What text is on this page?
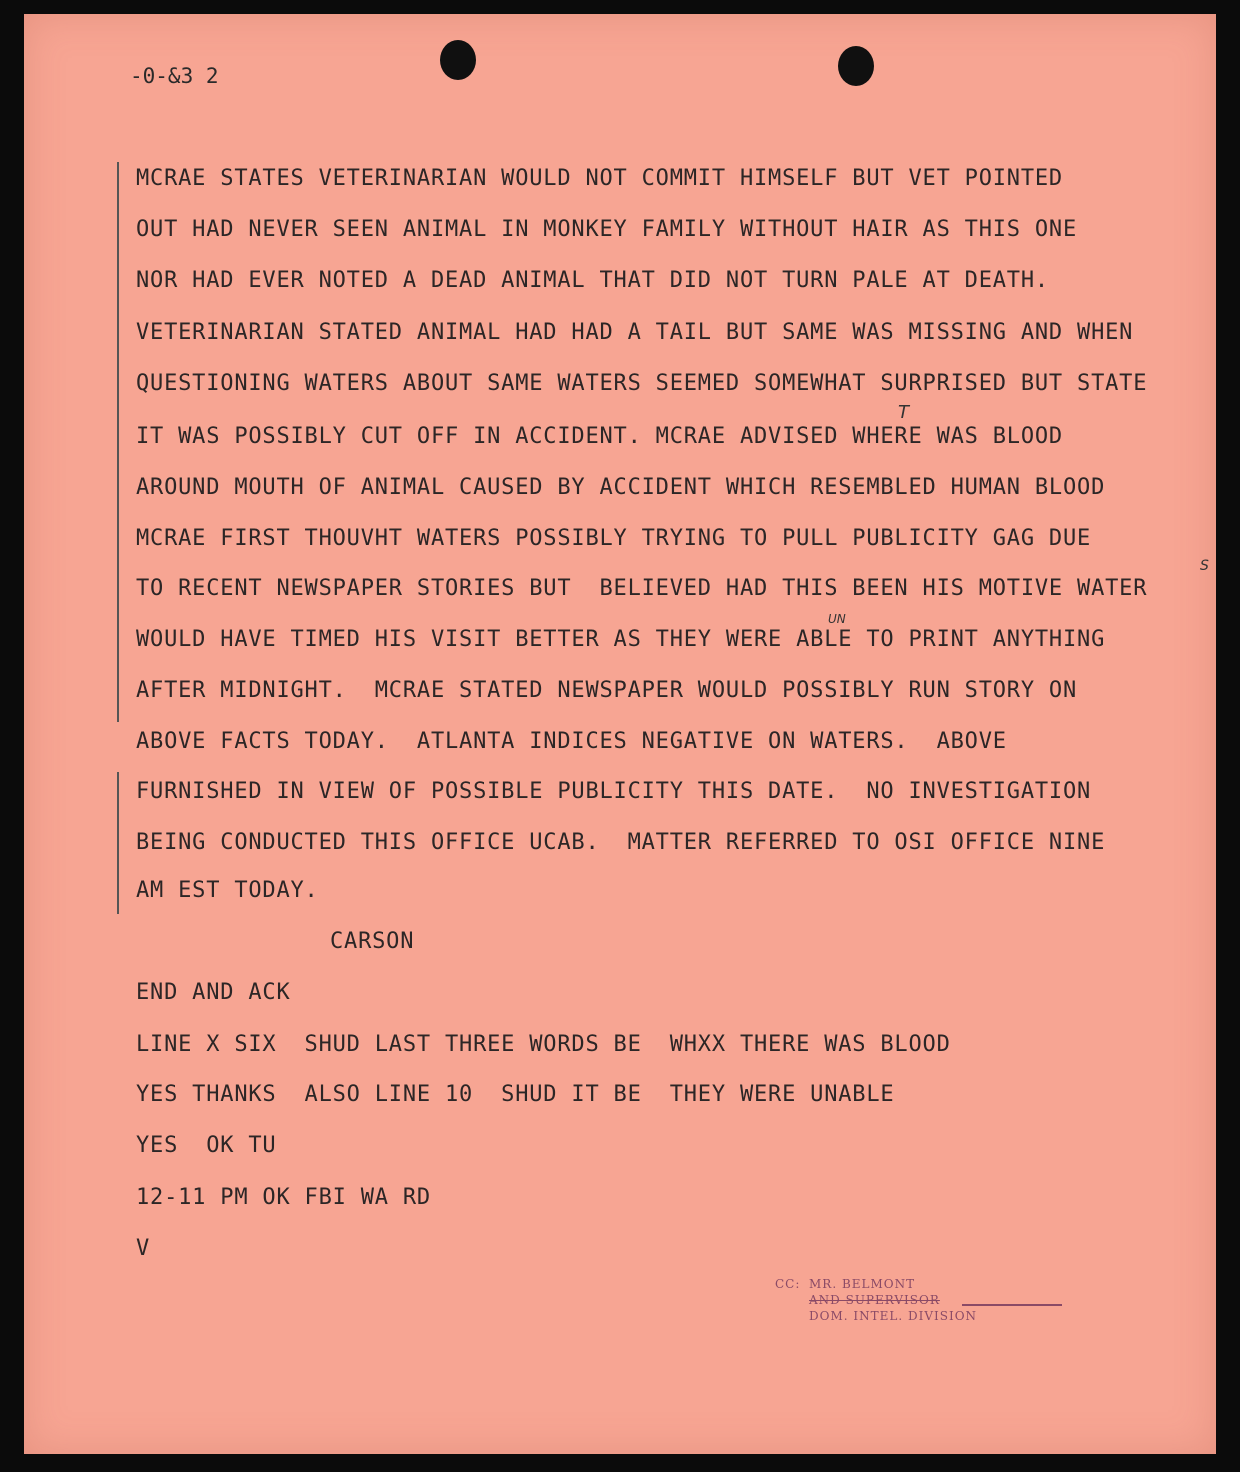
-0-&3 2
MCRAE STATES VETERINARIAN WOULD NOT COMMIT HIMSELF BUT VET POINTED
OUT HAD NEVER SEEN ANIMAL IN MONKEY FAMILY WITHOUT HAIR AS THIS ONE
NOR HAD EVER NOTED A DEAD ANIMAL THAT DID NOT TURN PALE AT DEATH.
VETERINARIAN STATED ANIMAL HAD HAD A TAIL BUT SAME WAS MISSING AND WHEN
QUESTIONING WATERS ABOUT SAME WATERS SEEMED SOMEWHAT SURPRISED BUT STATE
IT WAS POSSIBLY CUT OFF IN ACCIDENT. MCRAE ADVISED WHERE WAS BLOOD
AROUND MOUTH OF ANIMAL CAUSED BY ACCIDENT WHICH RESEMBLED HUMAN BLOOD
MCRAE FIRST THOUVHT WATERS POSSIBLY TRYING TO PULL PUBLICITY GAG DUE
TO RECENT NEWSPAPER STORIES BUT  BELIEVED HAD THIS BEEN HIS MOTIVE WATER
WOULD HAVE TIMED HIS VISIT BETTER AS THEY WERE ABLE TO PRINT ANYTHING
AFTER MIDNIGHT.  MCRAE STATED NEWSPAPER WOULD POSSIBLY RUN STORY ON
ABOVE FACTS TODAY.  ATLANTA INDICES NEGATIVE ON WATERS.  ABOVE
FURNISHED IN VIEW OF POSSIBLE PUBLICITY THIS DATE.  NO INVESTIGATION
BEING CONDUCTED THIS OFFICE UCAB.  MATTER REFERRED TO OSI OFFICE NINE
AM EST TODAY.
T
S
UN
CARSON
END AND ACK
LINE X SIX  SHUD LAST THREE WORDS BE  WHXX THERE WAS BLOOD
YES THANKS  ALSO LINE 10  SHUD IT BE  THEY WERE UNABLE
YES  OK TU
12-11 PM OK FBI WA RD
V
CC: MR. BELMONT
AND SUPERVISOR
DOM. INTEL. DIVISION
